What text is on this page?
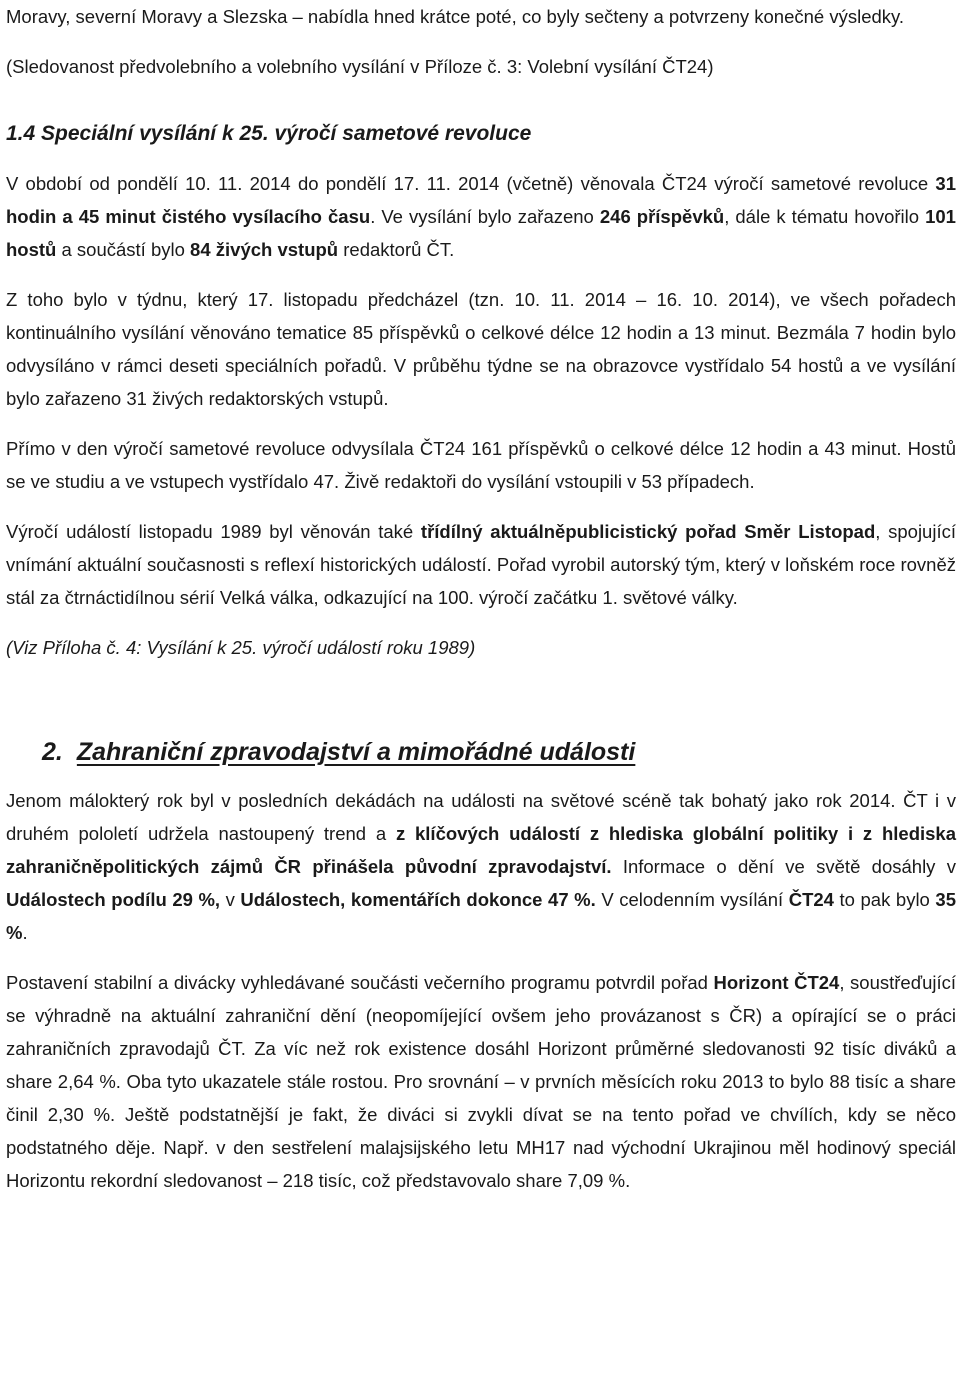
Moravy, severní Moravy a Slezska – nabídla hned krátce poté, co byly sečteny a potvrzeny konečné výsledky.

(Sledovanost předvolebního a volebního vysílání v Příloze č. 3: Volební vysílání ČT24)

1.4 Speciální vysílání k 25. výročí sametové revoluce

V období od pondělí 10. 11. 2014 do pondělí 17. 11. 2014 (včetně) věnovala ČT24 výročí sametové revoluce 31 hodin a 45 minut čistého vysílacího času. Ve vysílání bylo zařazeno 246 příspěvků, dále k tématu hovořilo 101 hostů a součástí bylo 84 živých vstupů redaktorů ČT.

Z toho bylo v týdnu, který 17. listopadu předcházel (tzn. 10. 11. 2014 – 16. 10. 2014), ve všech pořadech kontinuálního vysílání věnováno tematice 85 příspěvků o celkové délce 12 hodin a 13 minut. Bezmála 7 hodin bylo odvysíláno v rámci deseti speciálních pořadů. V průběhu týdne se na obrazovce vystřídalo 54 hostů a ve vysílání bylo zařazeno 31 živých redaktorských vstupů.

Přímo v den výročí sametové revoluce odvysílala ČT24 161 příspěvků o celkové délce 12 hodin a 43 minut. Hostů se ve studiu a ve vstupech vystřídalo 47. Živě redaktoři do vysílání vstoupili v 53 případech.

Výročí událostí listopadu 1989 byl věnován také třídílný aktuálněpublicistický pořad Směr Listopad, spojující vnímání aktuální současnosti s reflexí historických událostí. Pořad vyrobil autorský tým, který v loňském roce rovněž stál za čtrnáctidílnou sérií Velká válka, odkazující na 100. výročí začátku 1. světové války.

(Viz Příloha č. 4: Vysílání k 25. výročí událostí roku 1989)

2. Zahraniční zpravodajství a mimořádné události

Jenom málokterý rok byl v posledních dekádách na události na světové scéně tak bohatý jako rok 2014. ČT i v druhém pololetí udržela nastoupený trend a z klíčových událostí z hlediska globální politiky i z hlediska zahraničněpolitických zájmů ČR přinášela původní zpravodajství. Informace o dění ve světě dosáhly v Událostech podílu 29 %, v Událostech, komentářích dokonce 47 %. V celodenním vysílání ČT24 to pak bylo 35 %.

Postavení stabilní a divácky vyhledávané součásti večerního programu potvrdil pořad Horizont ČT24, soustřeďující se výhradně na aktuální zahraniční dění (neopomíjející ovšem jeho provázanost s ČR) a opírající se o práci zahraničních zpravodajů ČT. Za víc než rok existence dosáhl Horizont průměrné sledovanosti 92 tisíc diváků a share 2,64 %. Oba tyto ukazatele stále rostou. Pro srovnání – v prvních měsících roku 2013 to bylo 88 tisíc a share činil 2,30 %. Ještě podstatnější je fakt, že diváci si zvykli dívat se na tento pořad ve chvílích, kdy se něco podstatného děje. Např. v den sestřelení malajsijského letu MH17 nad východní Ukrajinou měl hodinový speciál Horizontu rekordní sledovanost – 218 tisíc, což představovalo share 7,09 %.
